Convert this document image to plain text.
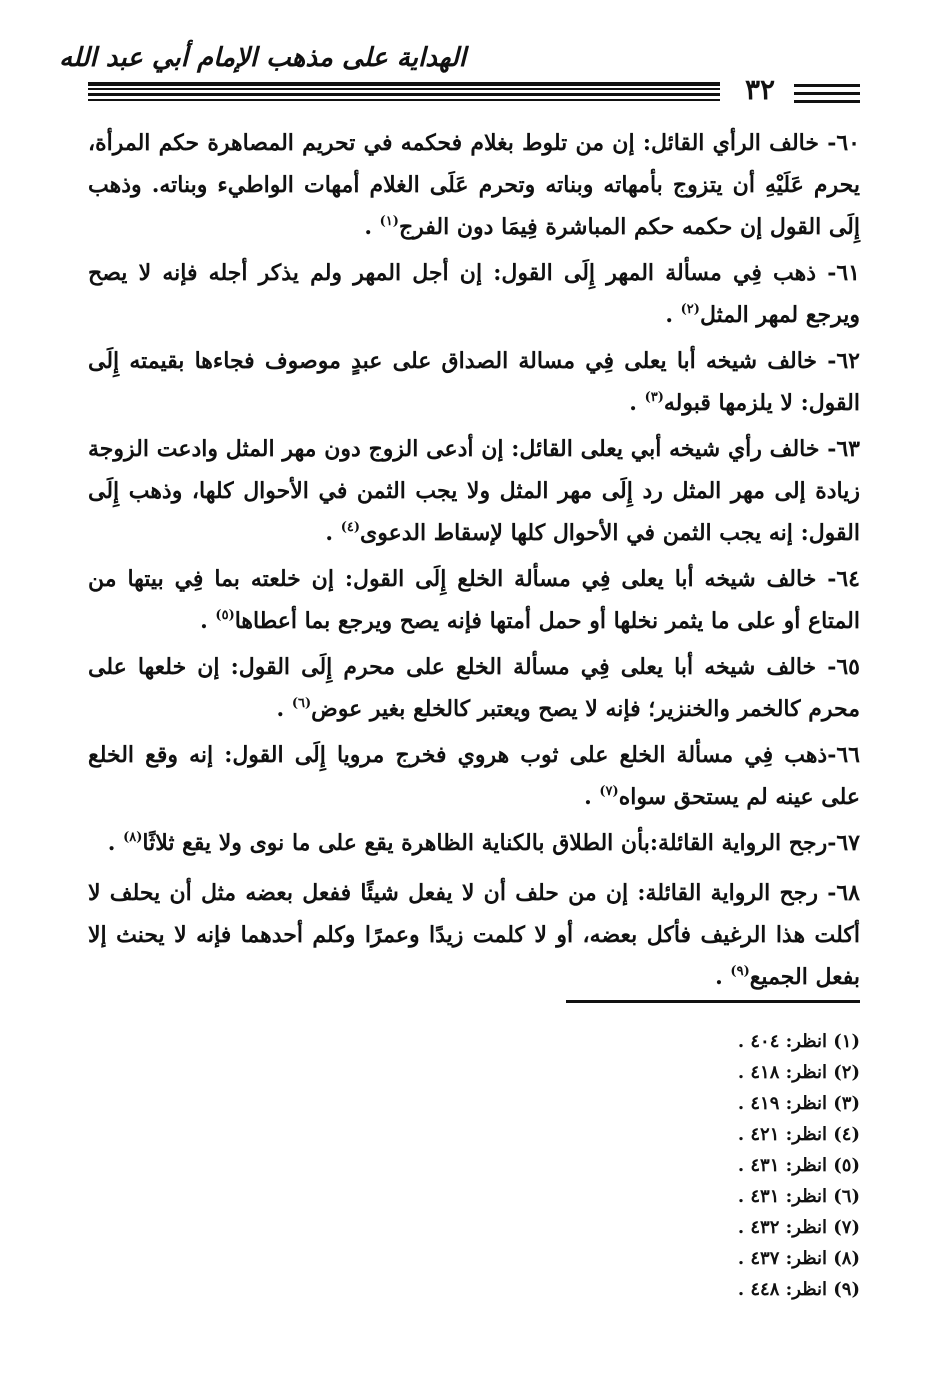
الهداية على مذهب الإمام أبي عبد الله
٣٢

٦٠- خالف الرأي القائل: إن من تلوط بغلام فحكمه في تحريم المصاهرة حكم المرأة، يحرم عَلَيْهِ أن يتزوج بأمهاته وبناته وتحرم عَلَى الغلام أمهات الواطيء وبناته. وذهب إِلَى القول إن حكمه حكم المباشرة فِيمَا دون الفرج$^{(١)}$ .

٦١- ذهب فِي مسألة المهر إِلَى القول: إن أجل المهر ولم يذكر أجله فإنه لا يصح ويرجع لمهر المثل$^{(٢)}$ .

٦٢- خالف شيخه أبا يعلى فِي مسالة الصداق على عبدٍ موصوف فجاءها بقيمته إِلَى القول: لا يلزمها قبوله$^{(٣)}$ .

٦٣- خالف رأي شيخه أبي يعلى القائل: إن أدعى الزوج دون مهر المثل وادعت الزوجة زيادة إلى مهر المثل رد إِلَى مهر المثل ولا يجب الثمن في الأحوال كلها، وذهب إِلَى القول: إنه يجب الثمن في الأحوال كلها لإسقاط الدعوى$^{(٤)}$ .

٦٤- خالف شيخه أبا يعلى فِي مسألة الخلع إِلَى القول: إن خلعته بما فِي بيتها من المتاع أو على ما يثمر نخلها أو حمل أمتها فإنه يصح ويرجع بما أعطاها$^{(٥)}$ .

٦٥- خالف شيخه أبا يعلى فِي مسألة الخلع على محرم إِلَى القول: إن خلعها على محرم كالخمر والخنزير؛ فإنه لا يصح ويعتبر كالخلع بغير عوض$^{(٦)}$ .

٦٦-ذهب فِي مسألة الخلع على ثوب هروي فخرج مرويا إِلَى القول: إنه وقع الخلع على عينه لم يستحق سواه$^{(٧)}$ .

٦٧-رجح الرواية القائلة:بأن الطلاق بالكناية الظاهرة يقع على ما نوى ولا يقع ثلاثًا$^{(٨)}$ .

٦٨- رجح الرواية القائلة: إن من حلف أن لا يفعل شيئًا ففعل بعضه مثل أن يحلف لا أكلت هذا الرغيف فأكل بعضه، أو لا كلمت زيدًا وعمرًا وكلم أحدهما فإنه لا يحنث إلا بفعل الجميع$^{(٩)}$ .

(١) انظر: ٤٠٤ .
(٢) انظر: ٤١٨ .
(٣) انظر: ٤١٩ .
(٤) انظر: ٤٢١ .
(٥) انظر: ٤٣١ .
(٦) انظر: ٤٣١ .
(٧) انظر: ٤٣٢ .
(٨) انظر: ٤٣٧ .
(٩) انظر: ٤٤٨ .
